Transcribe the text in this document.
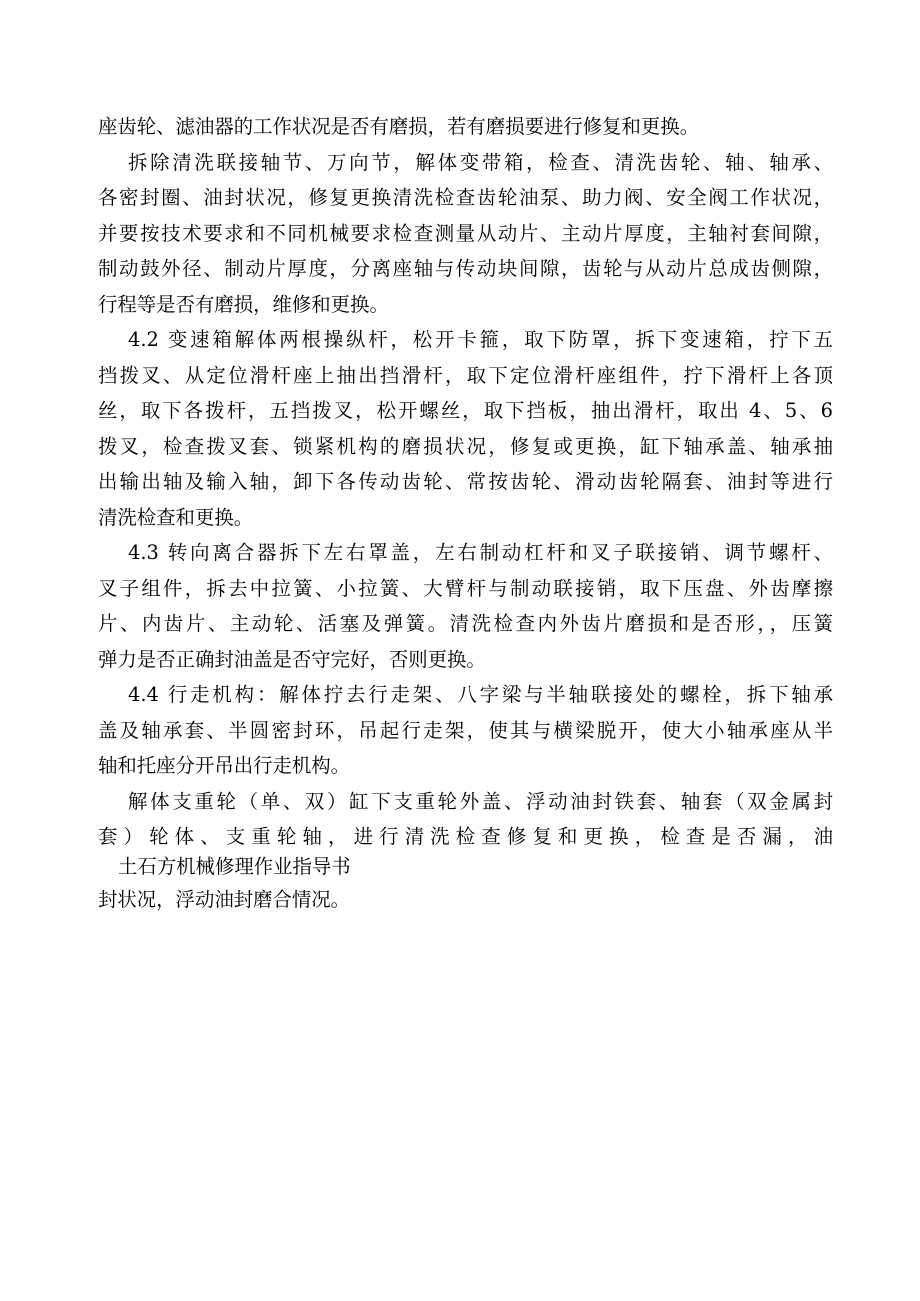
座齿轮、滤油器的工作状况是否有磨损，若有磨损要进行修复和更换。
拆除清洗联接轴节、万向节，解体变带箱，检查、清洗齿轮、轴、轴承、
各密封圈、油封状况，修复更换清洗检查齿轮油泵、助力阀、安全阀工作状况，
并要按技术要求和不同机械要求检查测量从动片、主动片厚度，主轴衬套间隙，
制动鼓外径、制动片厚度，分离座轴与传动块间隙，齿轮与从动片总成齿侧隙，
行程等是否有磨损，维修和更换。
4.2 变速箱解体两根操纵杆，松开卡箍，取下防罩，拆下变速箱，拧下五
挡拨叉、从定位滑杆座上抽出挡滑杆，取下定位滑杆座组件，拧下滑杆上各顶
丝，取下各拨杆，五挡拨叉，松开螺丝，取下挡板，抽出滑杆，取出 4、5、6
拨叉，检查拨叉套、锁紧机构的磨损状况，修复或更换，缸下轴承盖、轴承抽
出输出轴及输入轴，卸下各传动齿轮、常按齿轮、滑动齿轮隔套、油封等进行
清洗检查和更换。
4.3 转向离合器拆下左右罩盖，左右制动杠杆和叉子联接销、调节螺杆、
叉子组件，拆去中拉簧、小拉簧、大臂杆与制动联接销，取下压盘、外齿摩擦
片、内齿片、主动轮、活塞及弹簧。清洗检查内外齿片磨损和是否形，，压簧
弹力是否正确封油盖是否守完好，否则更换。
4.4 行走机构：解体拧去行走架、八字梁与半轴联接处的螺栓，拆下轴承
盖及轴承套、半圆密封环，吊起行走架，使其与横梁脱开，使大小轴承座从半
轴和托座分开吊出行走机构。
解体支重轮（单、双）缸下支重轮外盖、浮动油封铁套、轴套（双金属封
套）轮体、支重轮轴，进行清洗检查修复和更换，检查是否漏，油
土石方机械修理作业指导书
封状况，浮动油封磨合情况。
